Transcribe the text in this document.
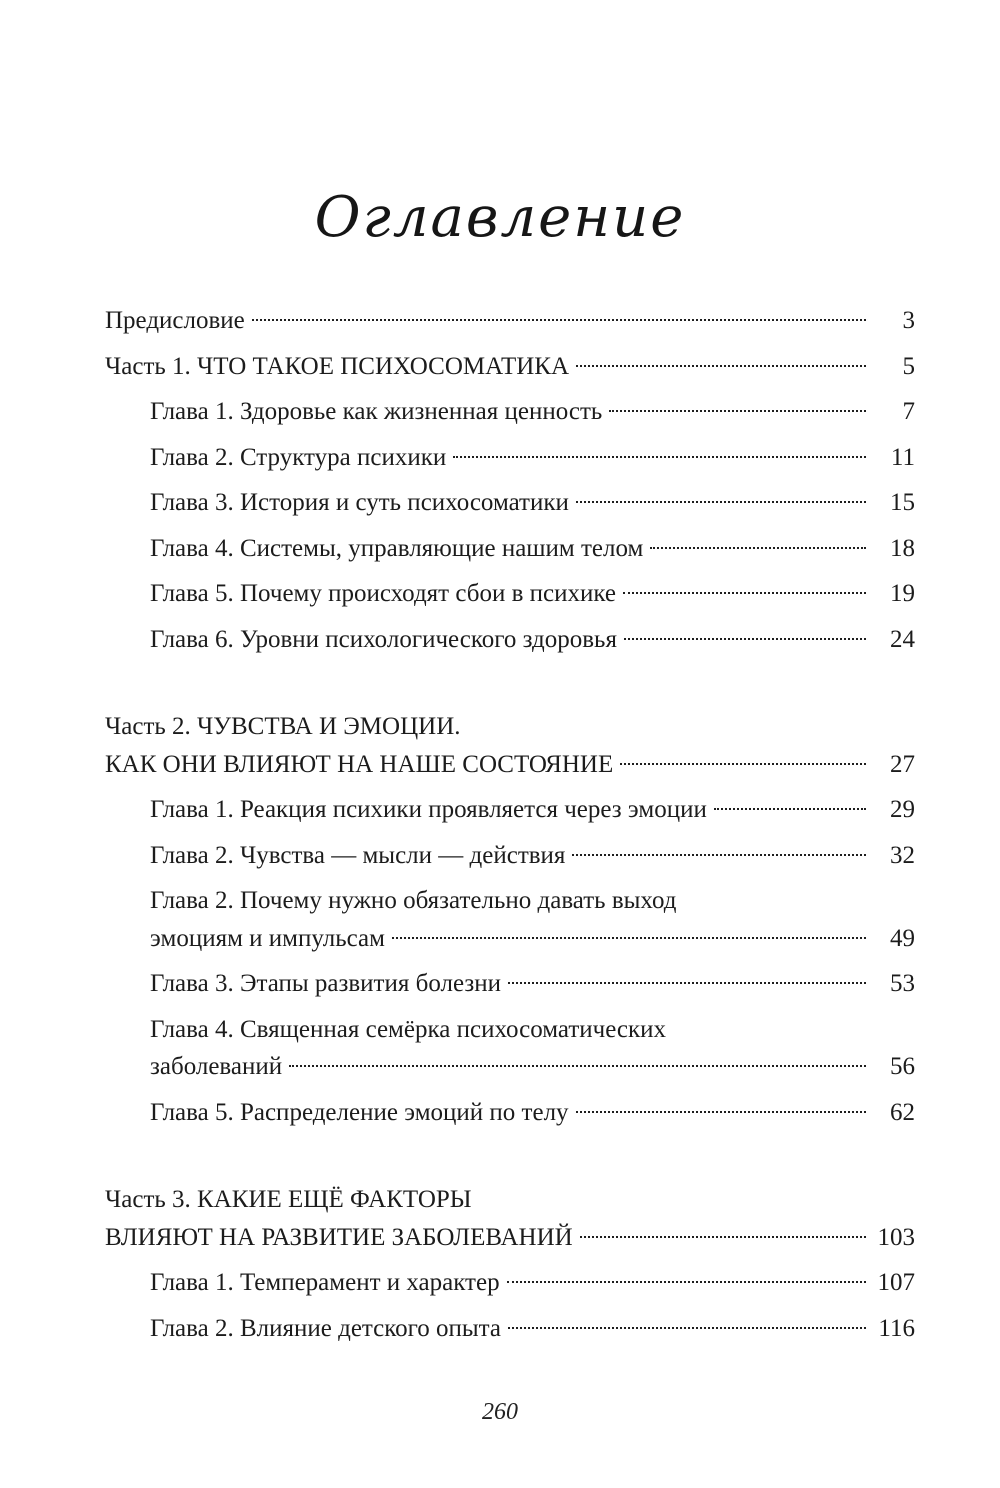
Оглавление
Предисловие	3
Часть 1. ЧТО ТАКОЕ ПСИХОСОМАТИКА	5
Глава 1. Здоровье как жизненная ценность	7
Глава 2. Структура психики	11
Глава 3. История и суть психосоматики	15
Глава 4. Системы, управляющие нашим телом	18
Глава 5. Почему происходят сбои в психике	19
Глава 6. Уровни психологического здоровья	24
Часть 2. ЧУВСТВА И ЭМОЦИИ.
КАК ОНИ ВЛИЯЮТ НА НАШЕ СОСТОЯНИЕ	27
Глава 1. Реакция психики проявляется через эмоции	29
Глава 2. Чувства — мысли — действия	32
Глава 2. Почему нужно обязательно давать выход
эмоциям и импульсам	49
Глава 3. Этапы развития болезни	53
Глава 4. Священная семёрка психосоматических
заболеваний	56
Глава 5. Распределение эмоций по телу	62
Часть 3. КАКИЕ ЕЩЁ ФАКТОРЫ
ВЛИЯЮТ НА РАЗВИТИЕ ЗАБОЛЕВАНИЙ	103
Глава 1. Темперамент и характер	107
Глава 2. Влияние детского опыта	116
260
